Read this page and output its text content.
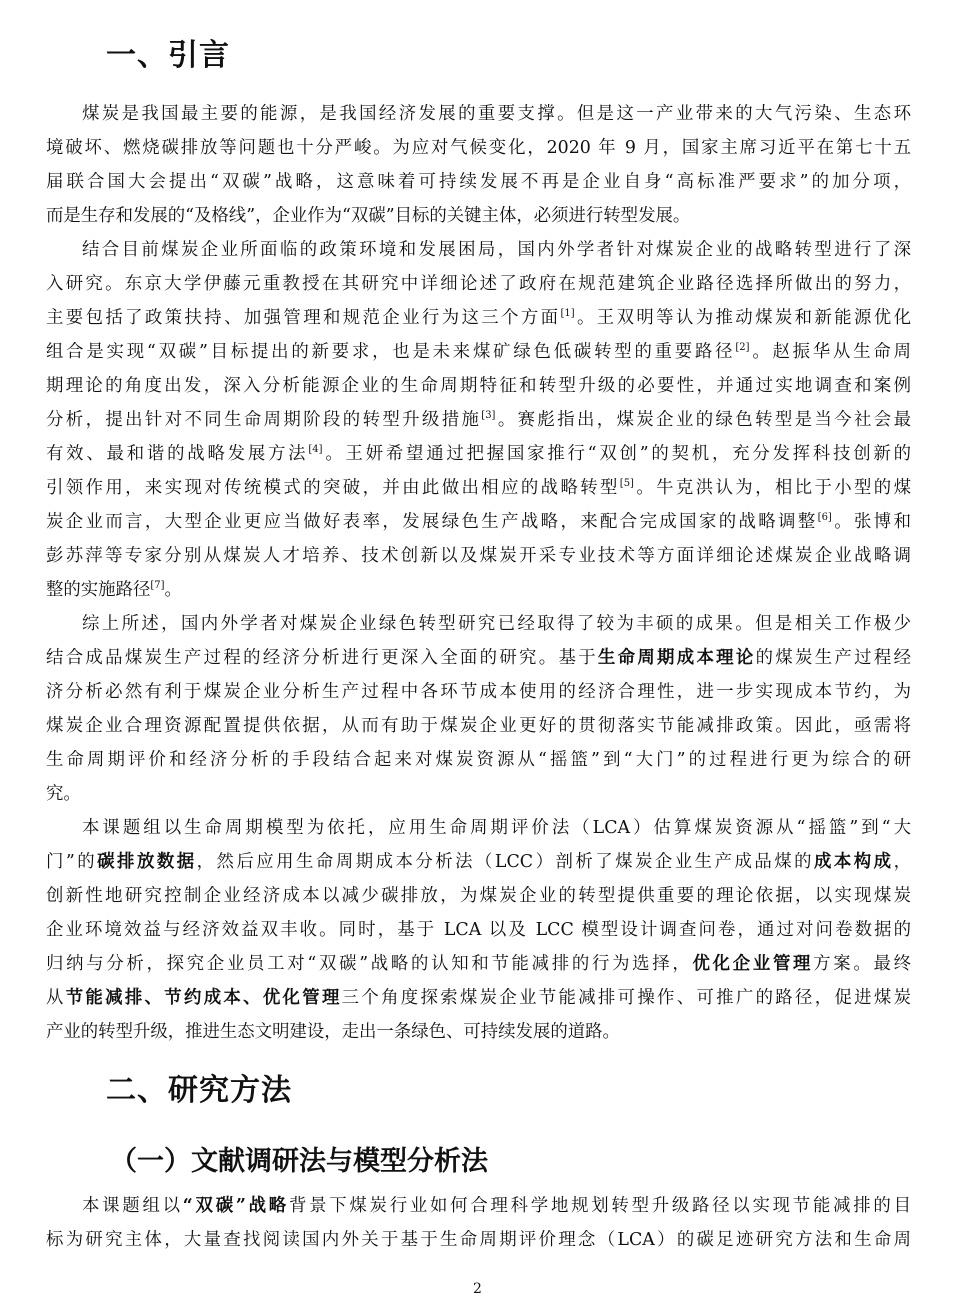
一、引言
煤炭是我国最主要的能源，是我国经济发展的重要支撑。但是这一产业带来的大气污染、生态环
境破坏、燃烧碳排放等问题也十分严峻。为应对气候变化，2020 年 9 月，国家主席习近平在第七十五
届联合国大会提出“双碳”战略，这意味着可持续发展不再是企业自身“高标准严要求”的加分项，
而是生存和发展的“及格线”，企业作为“双碳”目标的关键主体，必须进行转型发展。
结合目前煤炭企业所面临的政策环境和发展困局，国内外学者针对煤炭企业的战略转型进行了深
入研究。东京大学伊藤元重教授在其研究中详细论述了政府在规范建筑企业路径选择所做出的努力，
主要包括了政策扶持、加强管理和规范企业行为这三个方面[1]。王双明等认为推动煤炭和新能源优化
组合是实现“双碳”目标提出的新要求，也是未来煤矿绿色低碳转型的重要路径[2]。赵振华从生命周
期理论的角度出发，深入分析能源企业的生命周期特征和转型升级的必要性，并通过实地调查和案例
分析，提出针对不同生命周期阶段的转型升级措施[3]。赛彪指出，煤炭企业的绿色转型是当今社会最
有效、最和谐的战略发展方法[4]。王妍希望通过把握国家推行“双创”的契机，充分发挥科技创新的
引领作用，来实现对传统模式的突破，并由此做出相应的战略转型[5]。牛克洪认为，相比于小型的煤
炭企业而言，大型企业更应当做好表率，发展绿色生产战略，来配合完成国家的战略调整[6]。张博和
彭苏萍等专家分别从煤炭人才培养、技术创新以及煤炭开采专业技术等方面详细论述煤炭企业战略调
整的实施路径[7]。
综上所述，国内外学者对煤炭企业绿色转型研究已经取得了较为丰硕的成果。但是相关工作极少
结合成品煤炭生产过程的经济分析进行更深入全面的研究。基于生命周期成本理论的煤炭生产过程经
济分析必然有利于煤炭企业分析生产过程中各环节成本使用的经济合理性，进一步实现成本节约，为
煤炭企业合理资源配置提供依据，从而有助于煤炭企业更好的贯彻落实节能减排政策。因此，亟需将
生命周期评价和经济分析的手段结合起来对煤炭资源从“摇篮”到“大门”的过程进行更为综合的研
究。
本课题组以生命周期模型为依托，应用生命周期评价法（LCA）估算煤炭资源从“摇篮”到“大
门”的碳排放数据，然后应用生命周期成本分析法（LCC）剖析了煤炭企业生产成品煤的成本构成，
创新性地研究控制企业经济成本以减少碳排放，为煤炭企业的转型提供重要的理论依据，以实现煤炭
企业环境效益与经济效益双丰收。同时，基于 LCA 以及 LCC 模型设计调查问卷，通过对问卷数据的
归纳与分析，探究企业员工对“双碳”战略的认知和节能减排的行为选择，优化企业管理方案。最终
从节能减排、节约成本、优化管理三个角度探索煤炭企业节能减排可操作、可推广的路径，促进煤炭
产业的转型升级，推进生态文明建设，走出一条绿色、可持续发展的道路。
二、研究方法
（一）文献调研法与模型分析法
本课题组以“双碳”战略背景下煤炭行业如何合理科学地规划转型升级路径以实现节能减排的目
标为研究主体，大量查找阅读国内外关于基于生命周期评价理念（LCA）的碳足迹研究方法和生命周
2
